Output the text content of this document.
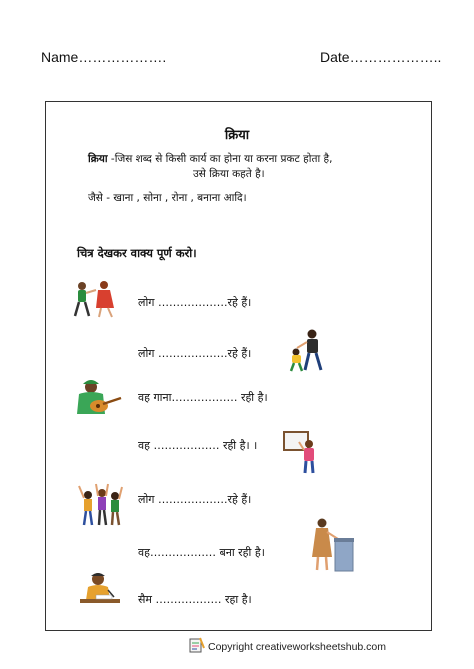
Name……………….	Date………………..
क्रिया
क्रिया -जिस शब्द से किसी कार्य का होना या करना प्रकट होता है,
उसे क्रिया कहते है।
जैसे - खाना , सोना , रोना , बनाना आदि।
चित्र देखकर वाक्य पूर्ण करो।
लोग ……………….रहे हैं।
लोग ……………….रहे हैं।
वह गाना……………… रही है।
वह ……………… रही है। ।
लोग ……………….रहे हैं।
वह……………… बना रही है।
सैम ……………… रहा है।
Copyright creativeworksheetshub.com
